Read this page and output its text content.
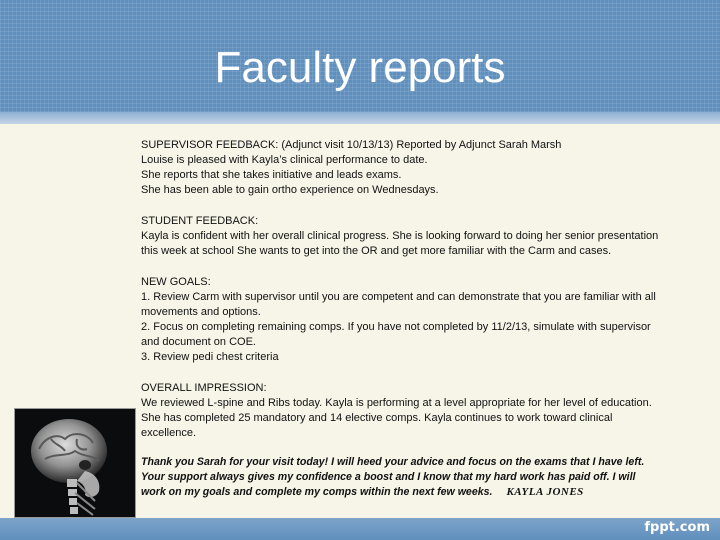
Faculty reports

SUPERVISOR FEEDBACK: (Adjunct visit 10/13/13) Reported by Adjunct Sarah Marsh

Louise is pleased with Kayla’s clinical performance to date.

She reports that she takes initiative and leads exams.

She has been able to gain ortho experience on Wednesdays.

STUDENT FEEDBACK:

Kayla is confident with her overall clinical progress. She is looking forward to doing her senior presentation

this week at school She wants to get into the OR and get more familiar with the Carm and cases.

NEW GOALS:

1. Review Carm with supervisor until you are competent and can demonstrate that you are familiar with all

movements and options.

2. Focus on completing remaining comps. If you have not completed by 11/2/13, simulate with supervisor

and document on COE.

3. Review pedi chest criteria

OVERALL IMPRESSION:

We reviewed L-spine and Ribs today. Kayla is performing at a level appropriate for her level of education.

She has completed 25 mandatory and 14 elective comps. Kayla continues to work toward clinical

excellence.

Thank you Sarah for your visit today! I will heed your advice and focus on the exams that I have left.
Your support always gives my confidence a boost and I know that my hard work has paid off. I will
work on my goals and complete my comps within the next few weeks. KAYLA JONES
fppt.com
